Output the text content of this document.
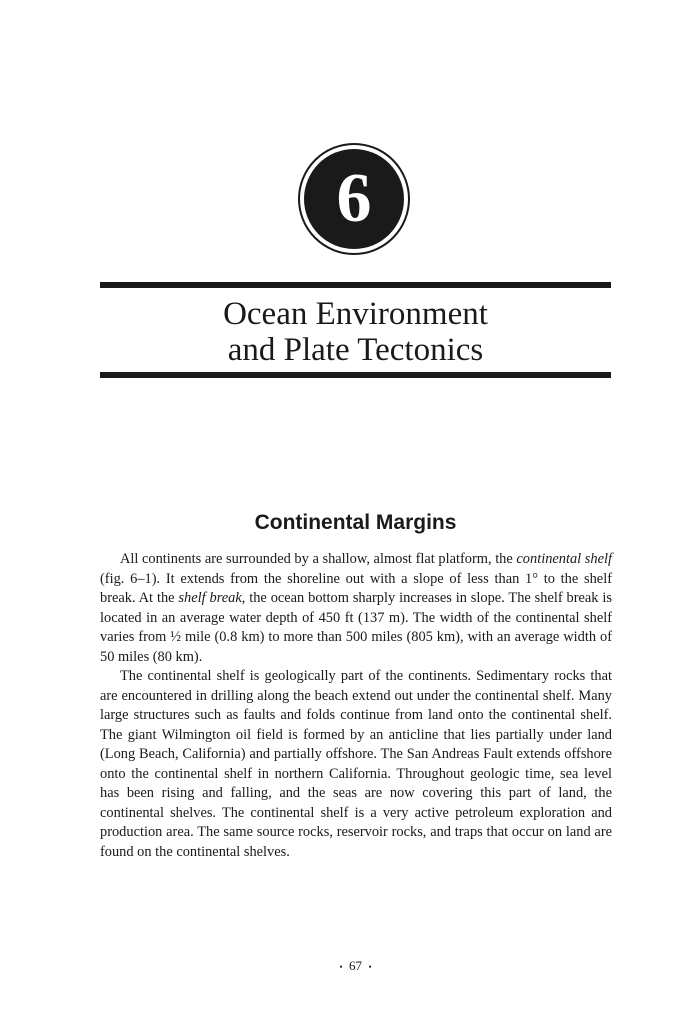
6
Ocean Environment
and Plate Tectonics
Continental Margins

All continents are surrounded by a shallow, almost flat platform, the continental shelf (fig. 6–1). It extends from the shoreline out with a slope of less than 1° to the shelf break. At the shelf break, the ocean bottom sharply increases in slope. The shelf break is located in an average water depth of 450 ft (137 m). The width of the continental shelf varies from ½ mile (0.8 km) to more than 500 miles (805 km), with an average width of 50 miles (80 km).

The continental shelf is geologically part of the continents. Sedimentary rocks that are encountered in drilling along the beach extend out under the continental shelf. Many large structures such as faults and folds continue from land onto the continental shelf. The giant Wilmington oil field is formed by an anticline that lies partially under land (Long Beach, California) and partially offshore. The San Andreas Fault extends offshore onto the continental shelf in northern California. Throughout geologic time, sea level has been rising and falling, and the seas are now covering this part of land, the continental shelves. The continental shelf is a very active petroleum exploration and production area. The same source rocks, reservoir rocks, and traps that occur on land are found on the continental shelves.

• 67 •
